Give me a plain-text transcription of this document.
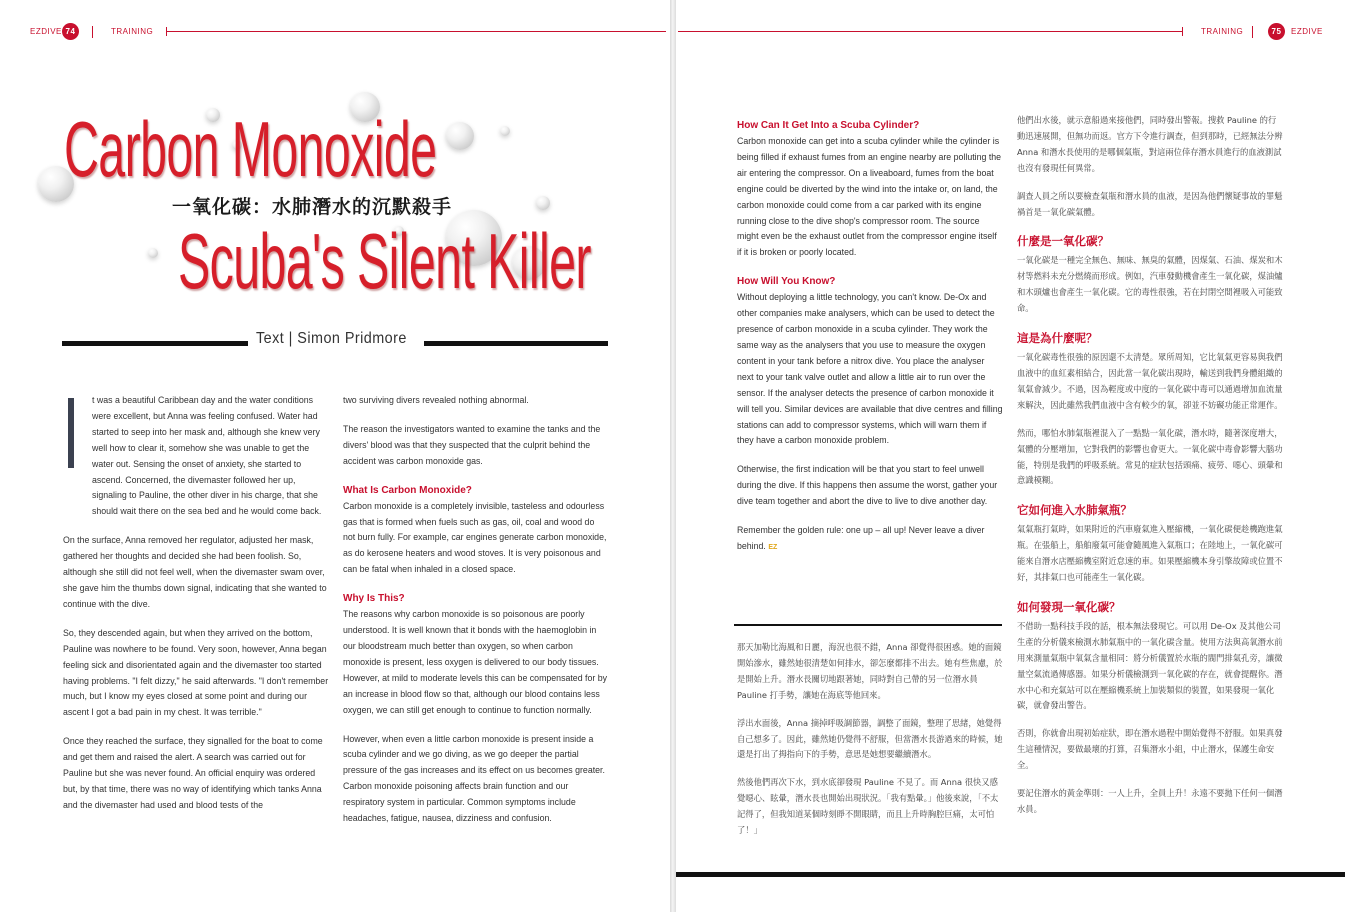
EZDIVE 74	TRAINING	TRAINING	75	EZDIVE
Carbon Monoxide
一氧化碳：水肺潛水的沉默殺手
Scuba's Silent Killer
Text | Simon Pridmore

t was a beautiful Caribbean day and the water conditions were excellent, but Anna was feeling confused. Water had started to seep into her mask and, although she knew very well how to clear it, somehow she was unable to get the water out. Sensing the onset of anxiety, she started to ascend. Concerned, the divemaster followed her up, signaling to Pauline, the other diver in his charge, that she should wait there on the sea bed and he would come back.

On the surface, Anna removed her regulator, adjusted her mask, gathered her thoughts and decided she had been foolish. So, although she still did not feel well, when the divemaster swam over, she gave him the thumbs down signal, indicating that she wanted to continue with the dive.

So, they descended again, but when they arrived on the bottom, Pauline was nowhere to be found. Very soon, however, Anna began feeling sick and disorientated again and the divemaster too started having problems. "I felt dizzy," he said afterwards. "I don't remember much, but I know my eyes closed at some point and during our ascent I got a bad pain in my chest. It was terrible."

Once they reached the surface, they signalled for the boat to come and get them and raised the alert. A search was carried out for Pauline but she was never found. An official enquiry was ordered but, by that time, there was no way of identifying which tanks Anna and the divemaster had used and blood tests of the

two surviving divers revealed nothing abnormal.

The reason the investigators wanted to examine the tanks and the divers' blood was that they suspected that the culprit behind the accident was carbon monoxide gas.

What Is Carbon Monoxide?

Carbon monoxide is a completely invisible, tasteless and odourless gas that is formed when fuels such as gas, oil, coal and wood do not burn fully. For example, car engines generate carbon monoxide, as do kerosene heaters and wood stoves. It is very poisonous and can be fatal when inhaled in a closed space.

Why Is This?

The reasons why carbon monoxide is so poisonous are poorly understood. It is well known that it bonds with the haemoglobin in our bloodstream much better than oxygen, so when carbon monoxide is present, less oxygen is delivered to our body tissues. However, at mild to moderate levels this can be compensated for by an increase in blood flow so that, although our blood contains less oxygen, we can still get enough to continue to function normally.

However, when even a little carbon monoxide is present inside a scuba cylinder and we go diving, as we go deeper the partial pressure of the gas increases and its effect on us becomes greater. Carbon monoxide poisoning affects brain function and our respiratory system in particular. Common symptoms include headaches, fatigue, nausea, dizziness and confusion.

How Can It Get Into a Scuba Cylinder?

Carbon monoxide can get into a scuba cylinder while the cylinder is being filled if exhaust fumes from an engine nearby are polluting the air entering the compressor. On a liveaboard, fumes from the boat engine could be diverted by the wind into the intake or, on land, the carbon monoxide could come from a car parked with its engine running close to the dive shop's compressor room. The source might even be the exhaust outlet from the compressor engine itself if it is broken or poorly located.

How Will You Know?

Without deploying a little technology, you can't know. De-Ox and other companies make analysers, which can be used to detect the presence of carbon monoxide in a scuba cylinder. They work the same way as the analysers that you use to measure the oxygen content in your tank before a nitrox dive. You place the analyser next to your tank valve outlet and allow a little air to run over the sensor. If the analyser detects the presence of carbon monoxide it will tell you. Similar devices are available that dive centres and filling stations can add to compressor systems, which will warn them if they have a carbon monoxide problem.

Otherwise, the first indication will be that you start to feel unwell during the dive. If this happens then assume the worst, gather your dive team together and abort the dive to live to dive another day.

Remember the golden rule: one up – all up! Never leave a diver behind. EZ

那天加勒比海風和日麗，海況也很不錯，Anna 卻覺得很困惑。她的面鏡開始滲水，雖然她很清楚如何排水，卻怎麼都排不出去。她有些焦慮，於是開始上升。潛水長關切地跟著她，同時對自己帶的另一位潛水員 Pauline 打手勢，讓她在海底等他回來。

浮出水面後，Anna 摘掉呼吸調節器，調整了面鏡，整理了思緒，她覺得自己想多了。因此，雖然她仍覺得不舒服，但當潛水長游過來的時候，她還是打出了拇指向下的手勢，意思是她想要繼續潛水。

然後他們再次下水，到水底卻發現 Pauline 不見了。而 Anna 很快又感覺噁心、眩暈，潛水長也開始出現狀況。「我有點暈。」他後來說，「不太記得了，但我知道某個時刻睜不開眼睛，而且上升時胸腔巨痛，太可怕了！」

他們出水後，就示意船過來接他們，同時發出警報。搜救 Pauline 的行動迅速展開，但無功而返。官方下令進行調查，但到那時，已經無法分辨 Anna 和潛水長使用的是哪個氣瓶，對這兩位倖存潛水員進行的血液測試也沒有發現任何異常。

調查人員之所以要檢查氣瓶和潛水員的血液，是因為他們懷疑事故的罪魁禍首是一氧化碳氣體。

什麼是一氧化碳？

一氧化碳是一種完全無色、無味、無臭的氣體，因煤氣、石油、煤炭和木材等燃料未充分燃燒而形成。例如，汽車發動機會產生一氧化碳，煤油爐和木頭爐也會產生一氧化碳。它的毒性很強，若在封閉空間裡吸入可能致命。

這是為什麼呢？

一氧化碳毒性很強的原因還不太清楚。眾所周知，它比氧氣更容易與我們血液中的血紅素相結合，因此當一氧化碳出現時，輸送到我們身體組織的氧氣會減少。不過，因為輕度或中度的一氧化碳中毒可以通過增加血流量來解決，因此雖然我們血液中含有較少的氧，卻並不妨礙功能正常運作。

然而，哪怕水肺氣瓶裡混入了一點點一氧化碳，潛水時，隨著深度增大，氣體的分壓增加，它對我們的影響也會更大。一氧化碳中毒會影響大腦功能，特別是我們的呼吸系統。常見的症狀包括頭痛、疲勞、噁心、頭暈和意識模糊。

它如何進入水肺氣瓶？

氣氣瓶打氣時，如果附近的汽車廢氣進入壓縮機，一氧化碳便趁機跑進氣瓶。在張船上，船舶廢氣可能會隨風進入氣瓶口；在陸地上，一氧化碳可能來自潛水店壓縮機室附近怠速的車。如果壓縮機本身引擎故障或位置不好，其排氣口也可能產生一氧化碳。

如何發現一氧化碳？

不借助一點科技手段的話，根本無法發現它。可以用 De-Ox 及其他公司生產的分析儀來檢測水肺氣瓶中的一氧化碳含量。使用方法與高氧潛水前用來測量氣瓶中氧氣含量相同：將分析儀置於水瓶的閥門排氣孔旁，讓微量空氣流過傳感器。如果分析儀檢測到一氧化碳的存在，就會提醒你。潛水中心和充氣站可以在壓縮機系統上加裝類似的裝置，如果發現一氧化碳，就會發出警告。

否則，你就會出現初始症狀，即在潛水過程中開始覺得不舒服。如果真發生這種情況，要做最壞的打算，召集潛水小組，中止潛水，保護生命安全。

要記住潛水的黃金準則：一人上升，全員上升！永遠不要拋下任何一個潛水員。
